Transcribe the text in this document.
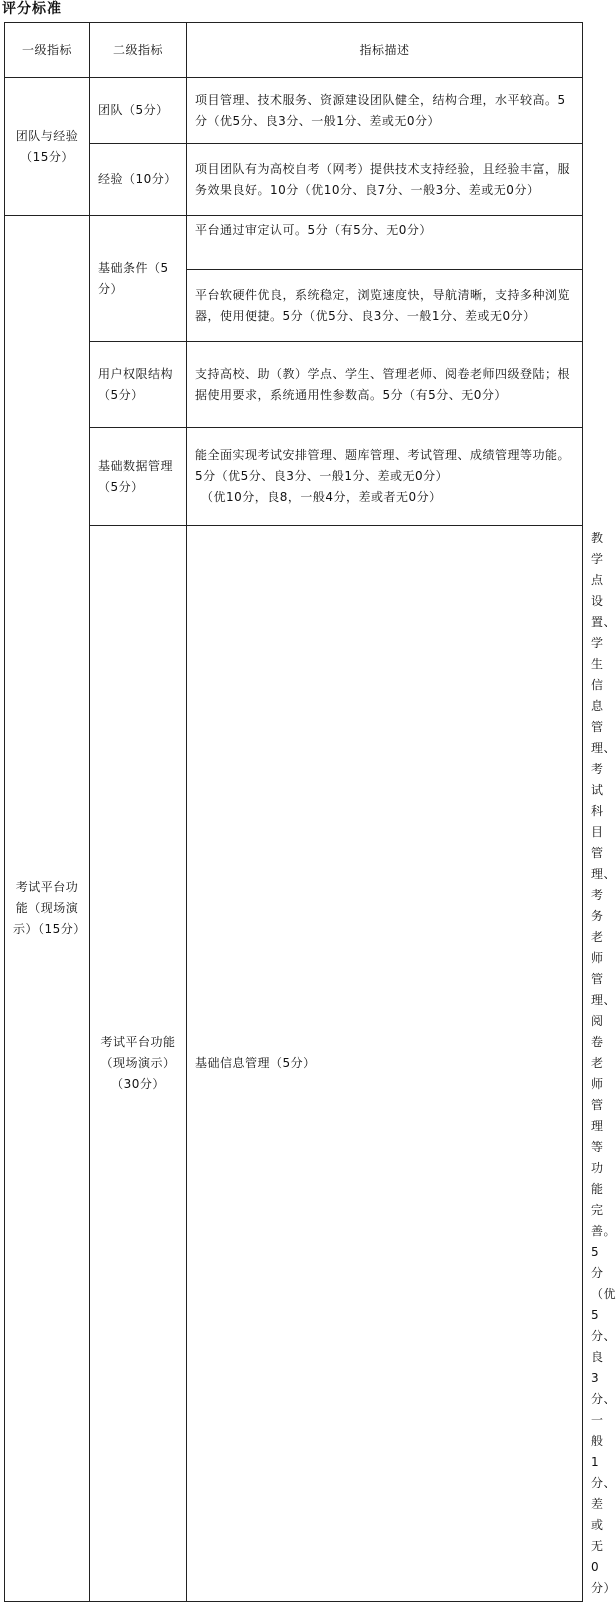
评分标准
一级指标	二级指标	指标描述	
团队与经验（15分）	团队（5分）	项目管理、技术服务、资源建设团队健全，结构合理，水平较高。5分（优5分、良3分、一般1分、差或无0分）	
	经验（10分）	项目团队有为高校自考（网考）提供技术支持经验，且经验丰富，服务效果良好。10分（优10分、良7分、一般3分、差或无0分）	
考试平台功能（现场演示）（15分）	基础条件（5分）	平台通过审定认可。5分（有5分、无0分）	
		平台软硬件优良，系统稳定，浏览速度快，导航清晰，支持多种浏览器，使用便捷。5分（优5分、良3分、一般1分、差或无0分）	
	用户权限结构（5分）	支持高校、助（教）学点、学生、管理老师、阅卷老师四级登陆；根据使用要求，系统通用性参数高。5分（有5分、无0分）	
	基础数据管理（5分）	能全面实现考试安排管理、题库管理、考试管理、成绩管理等功能。5分（优5分、良3分、一般1分、差或无0分）
（优10分，良8，一般4分，差或者无0分）	

	考试平台功能（现场演示）（30分）	基础信息管理（5分）	教学点设置、学生信息管理、考试科目管理、考务老师管理、阅卷老师管理等功能完善。5分（优5分、良3分、一般1分、差或无0分）
